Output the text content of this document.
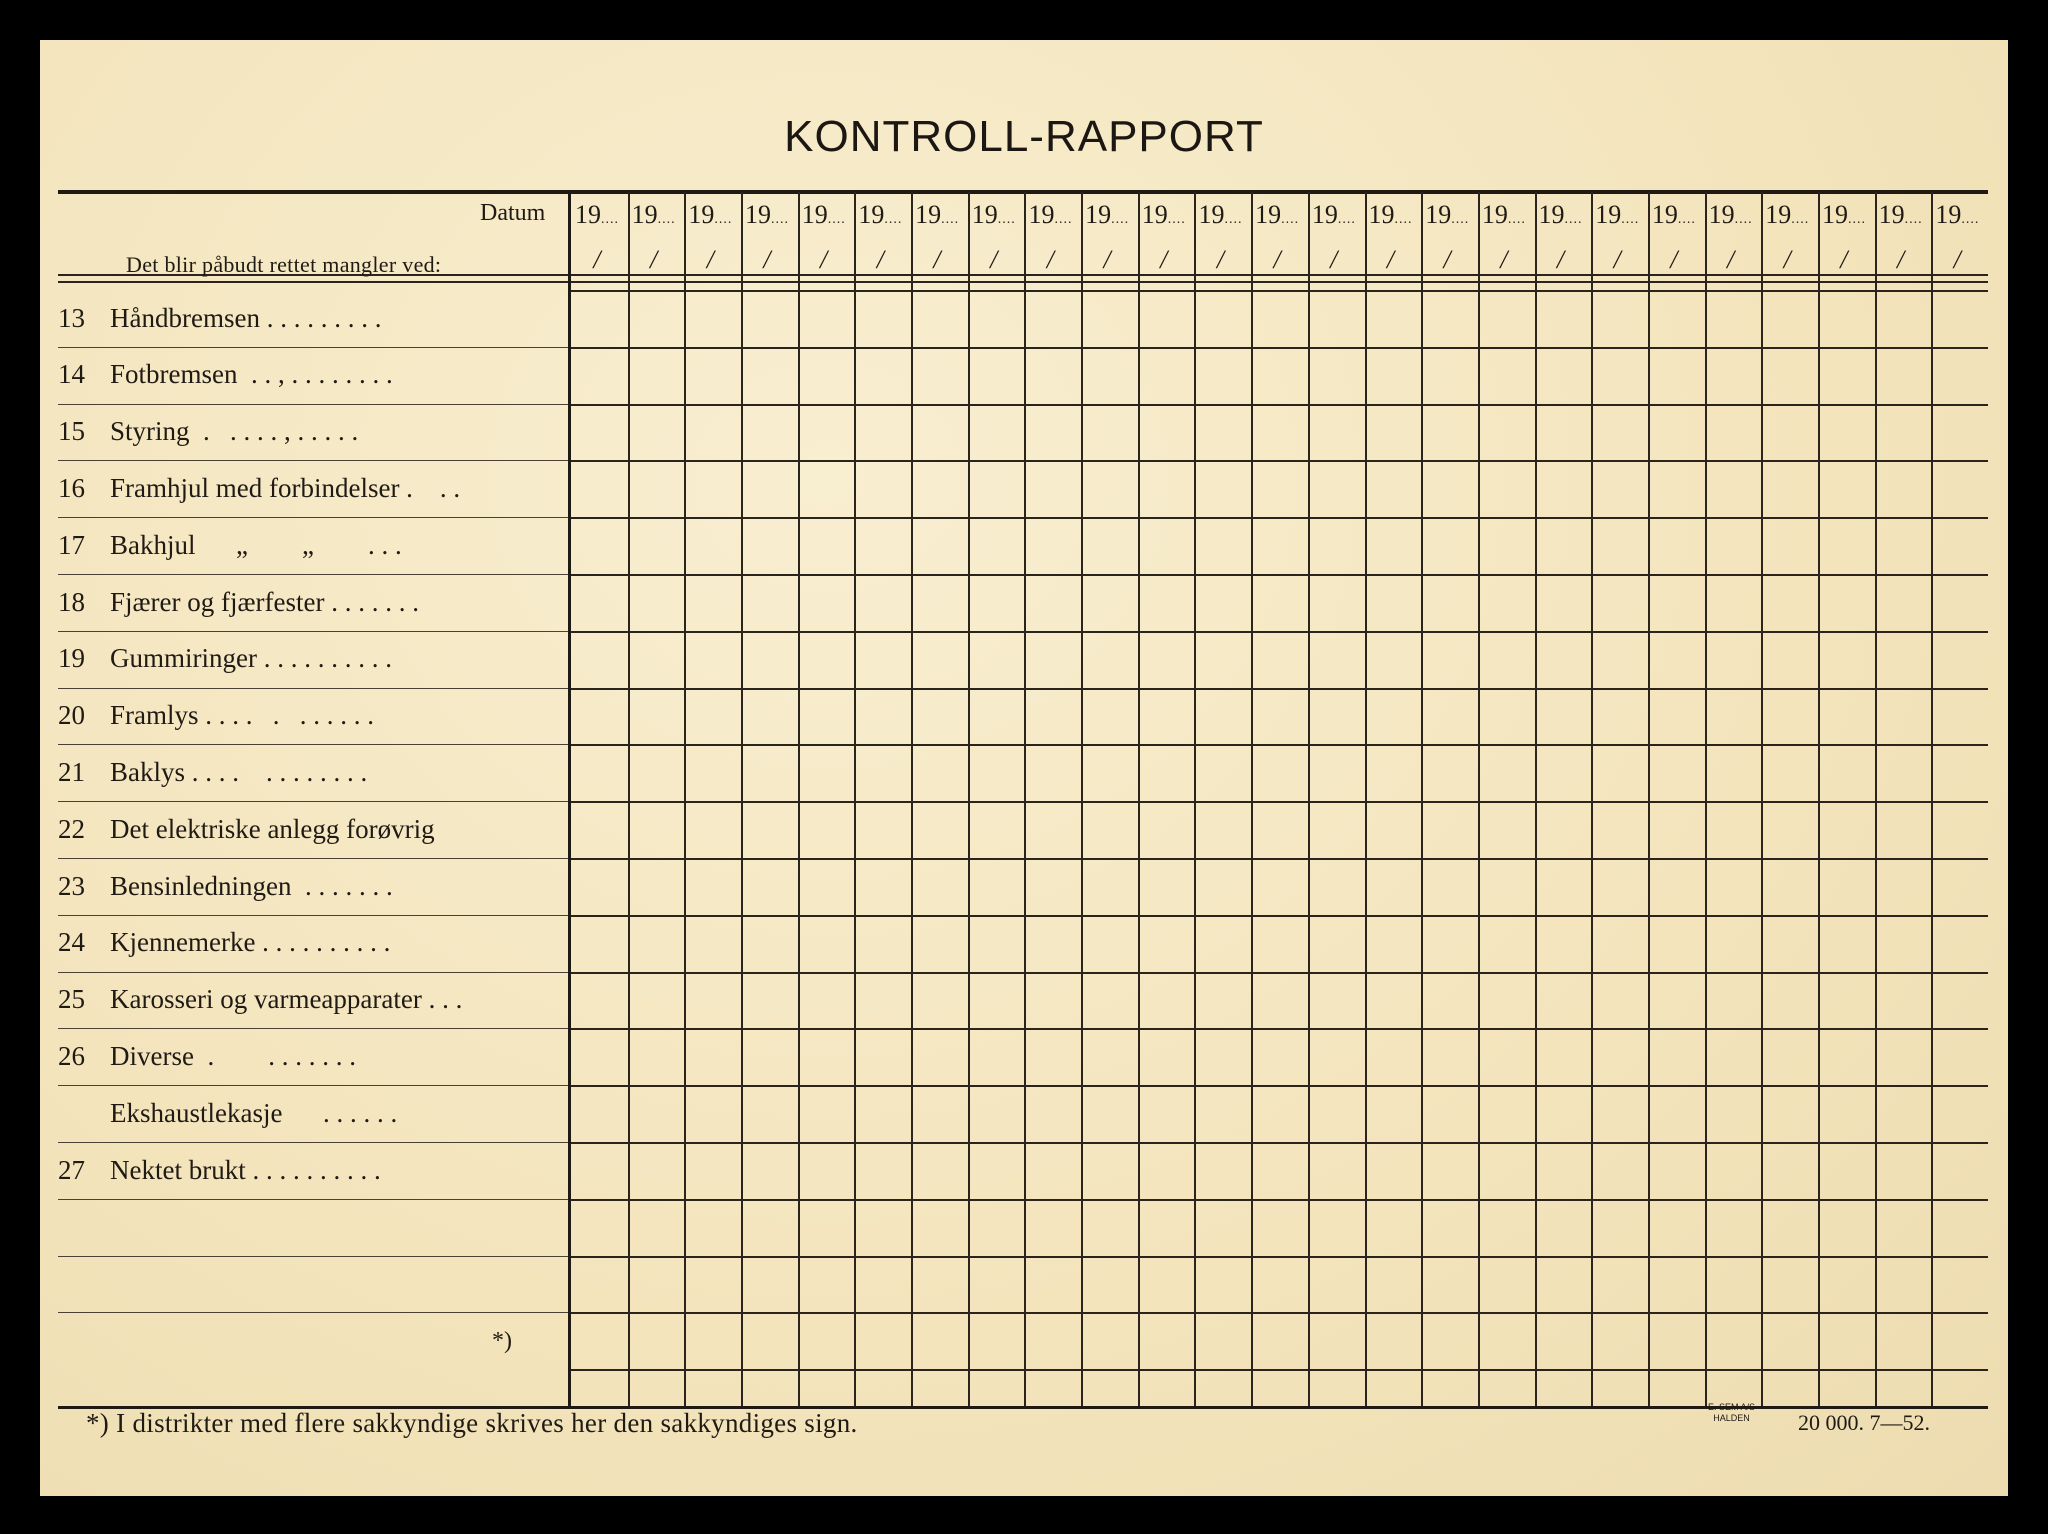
KONTROLL-RAPPORT
Datum
Det blir påbudt rettet mangler ved:
19....
/
19....
/
19....
/
19....
/
19....
/
19....
/
19....
/
19....
/
19....
/
19....
/
19....
/
19....
/
19....
/
19....
/
19....
/
19....
/
19....
/
19....
/
19....
/
19....
/
19....
/
19....
/
19....
/
19....
/
19....
/
13 Håndbremsen . . . . . . . . .
14 Fotbremsen  . . , . . . . . . . .
15 Styring  .   . . . . , . . . . .
16 Framhjul med forbindelser .    . .
17 Bakhjul      „        „        . . .
18 Fjærer og fjærfester . . . . . . .
19 Gummiringer . . . . . . . . . .
20 Framlys . . . .   .   . . . . . .
21 Baklys . . . .    . . . . . . . .
22 Det elektriske anlegg forøvrig
23 Bensinledningen  . . . . . . .
24 Kjennemerke . . . . . . . . . .
25 Karosseri og varmeapparater . . .
26 Diverse  .        . . . . . . .
Ekshaustlekasje      . . . . . .
27 Nektet brukt . . . . . . . . . .
*)
*) I distrikter med flere sakkyndige skrives her den sakkyndiges sign.
E. SEM A/S
HALDEN 20 000. 7—52.
